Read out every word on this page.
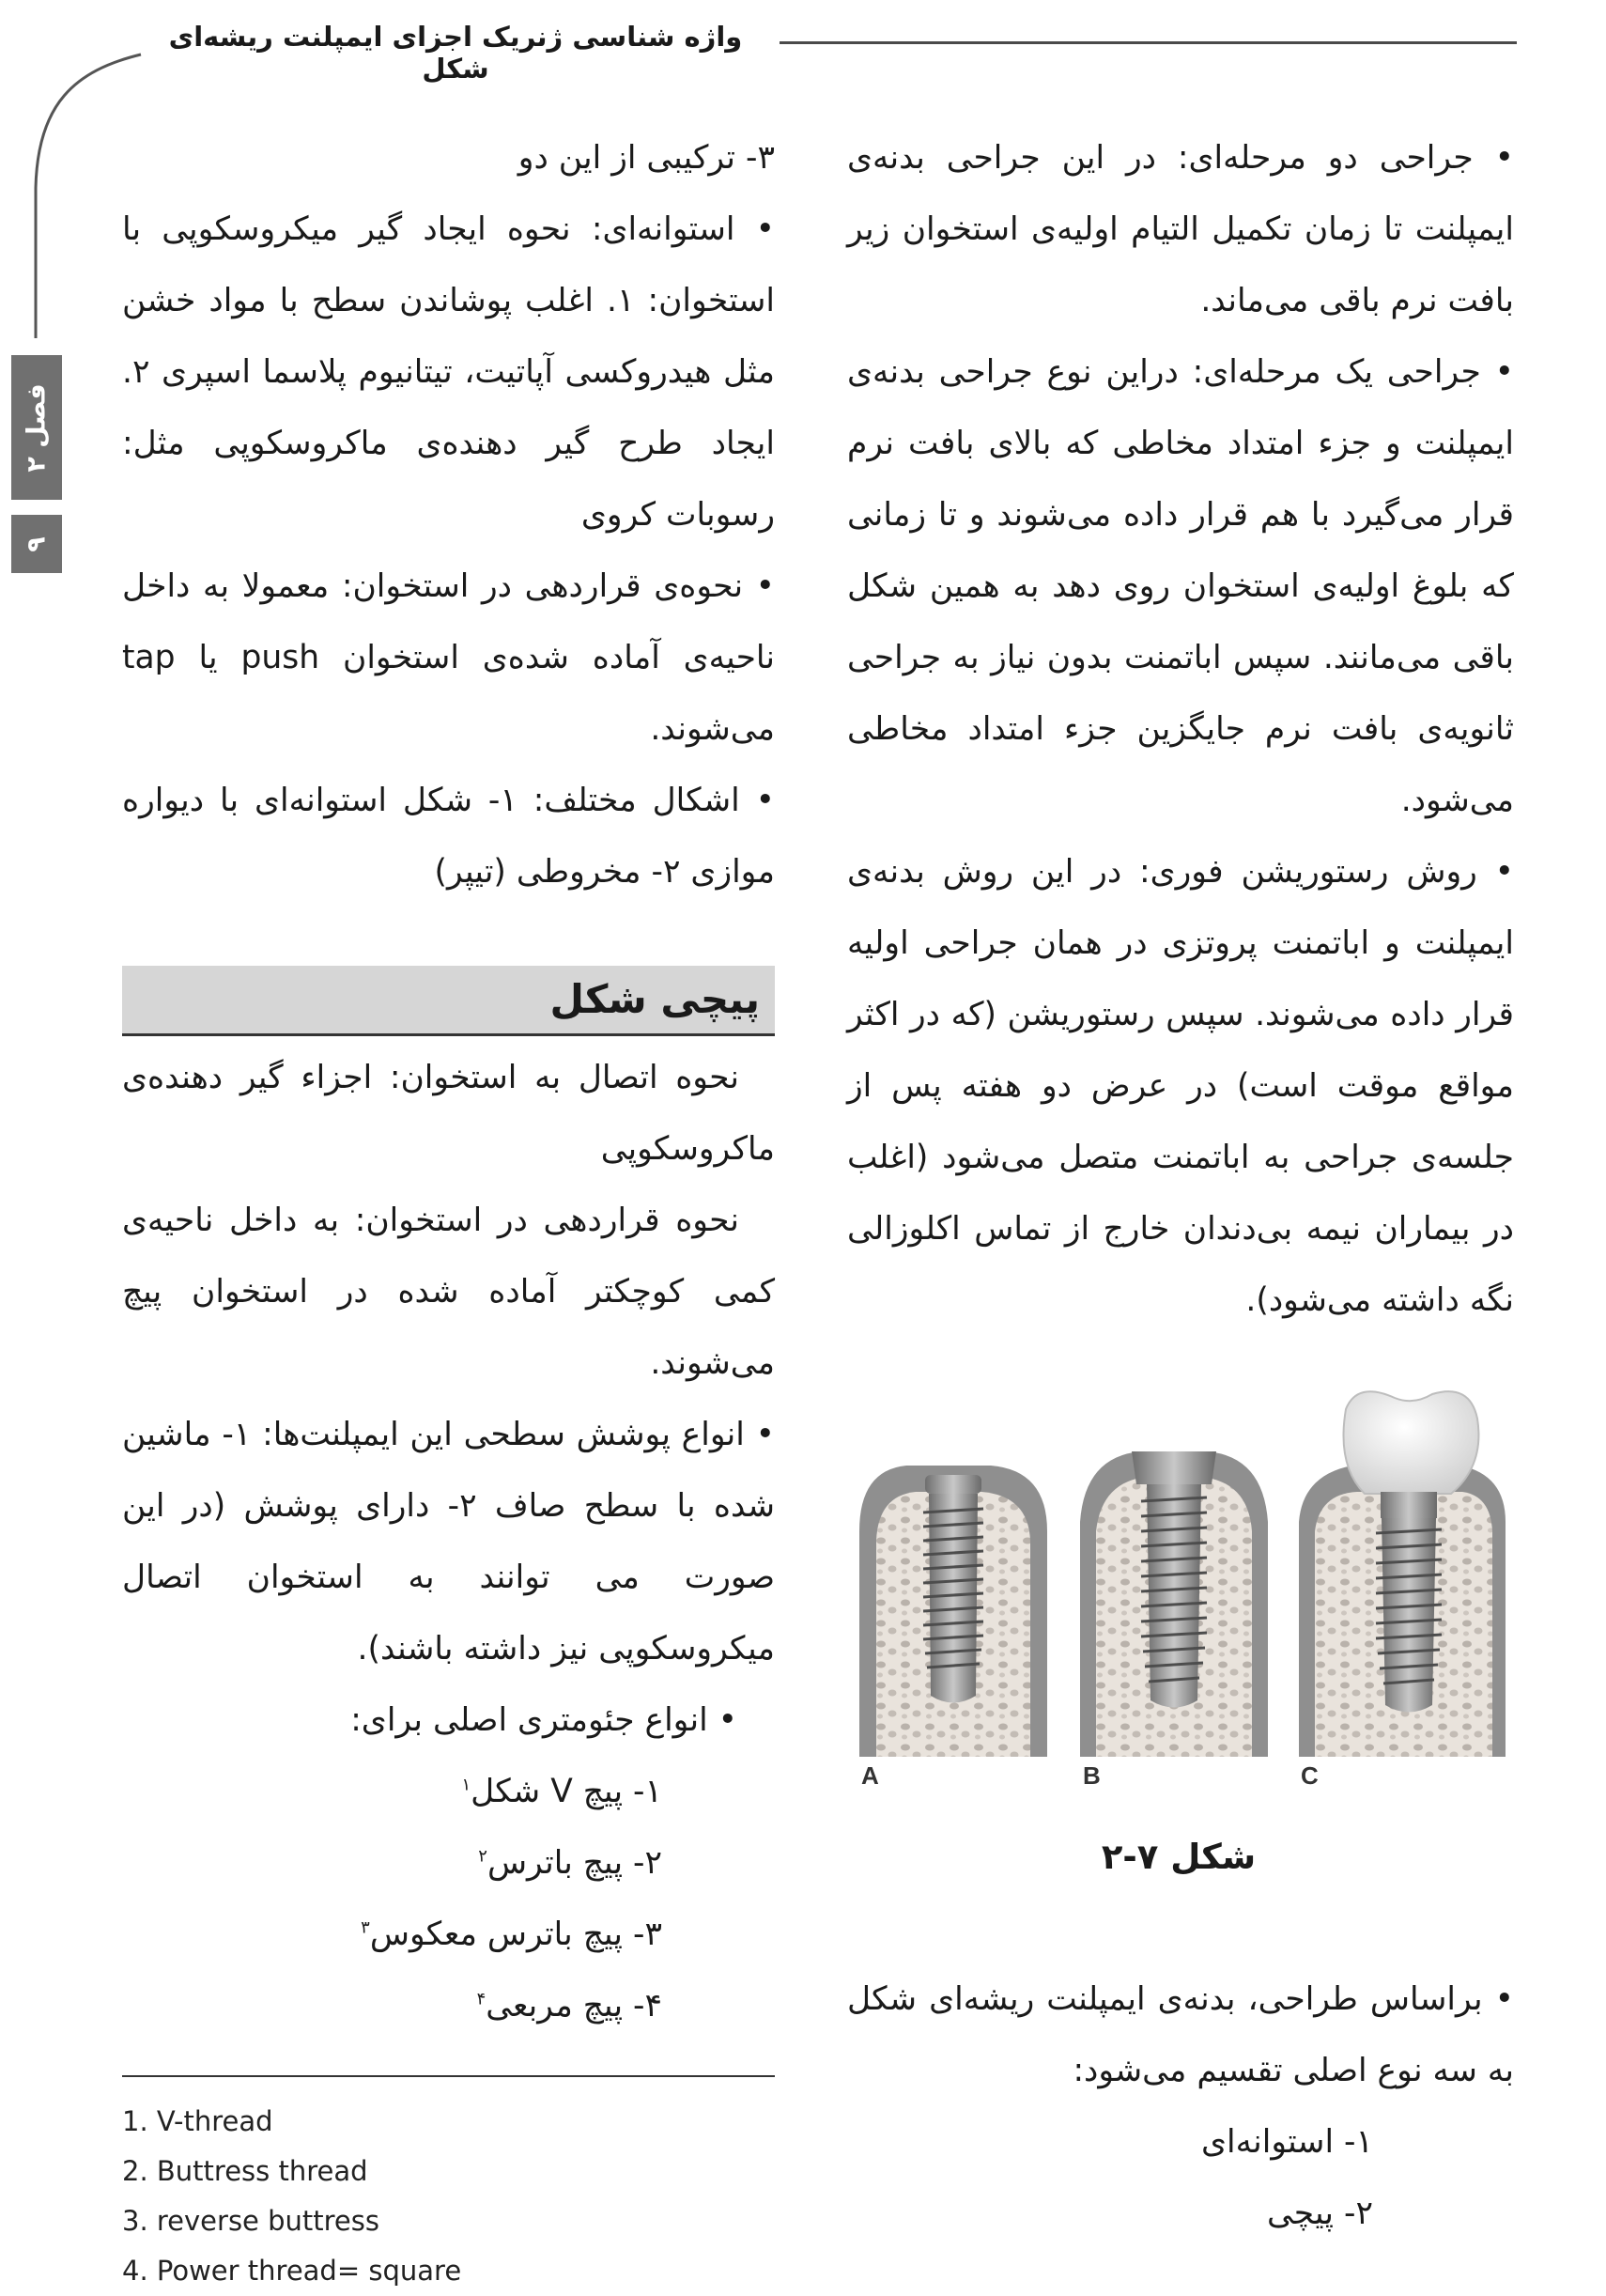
واژه شناسی ژنریک اجزای ایمپلنت ریشه‌ای شکل
فصل ۲
۹

• جراحی دو مرحله‌ای: در این جراحی بدنه‌ی ایمپلنت تا زمان تکمیل التیام اولیه‌ی استخوان زیر بافت نرم باقی می‌ماند.

• جراحی یک مرحله‌ای: دراین نوع جراحی بدنه‌ی ایمپلنت و جزء امتداد مخاطی که بالای بافت نرم قرار می‌گیرد با هم قرار داده می‌شوند و تا زمانی که بلوغ اولیه‌ی استخوان روی دهد به همین شکل باقی می‌مانند. سپس اباتمنت بدون نیاز به جراحی ثانویه‌ی بافت نرم جایگزین جزء امتداد مخاطی می‌شود.

• روش رستوریشن فوری: در این روش بدنه‌ی ایمپلنت و اباتمنت پروتزی در همان جراحی اولیه قرار داده می‌شوند. سپس رستوریشن (که در اکثر مواقع موقت است) در عرض دو هفته پس از جلسه‌ی جراحی به اباتمنت متصل می‌شود (اغلب در بیماران نیمه بی‌دندان خارج از تماس اکلوزالی نگه داشته می‌شود).

A	B	C
شکل ۷-۲

• براساس طراحی، بدنه‌ی ایمپلنت ریشه‌ای شکل به سه نوع اصلی تقسیم می‌شود:

۱- استوانه‌ای

۲- پیچی

۳- ترکیبی از این دو

• استوانه‌ای: نحوه ایجاد گیر میکروسکوپی با استخوان: ۱. اغلب پوشاندن سطح با مواد خشن مثل هیدروکسی آپاتیت، تیتانیوم پلاسما اسپری ۲. ایجاد طرح گیر دهنده‌ی ماکروسکوپی مثل: رسوبات کروی

• نحوه‌ی قراردهی در استخوان: معمولا به داخل ناحیه‌ی آماده شده‌ی استخوان push یا tap می‌شوند.

• اشکال مختلف: ۱- شکل استوانه‌ای با دیواره موازی ۲- مخروطی (تیپر)

پیچی شکل

نحوه اتصال به استخوان: اجزاء گیر دهنده‌ی ماکروسکوپی

نحوه قراردهی در استخوان: به داخل ناحیه‌ی کمی کوچکتر آماده شده در استخوان پیچ می‌شوند.

• انواع پوشش سطحی این ایمپلنت‌ها: ۱- ماشین شده با سطح صاف ۲- دارای پوشش (در این صورت می توانند به استخوان اتصال میکروسکوپی نیز داشته باشند).

• انواع جئومتری اصلی برای:

۱- پیچ V شکل$^۱$

۲- پیچ باترس$^۲$

۳- پیچ باترس معکوس$^۳$

۴- پیچ مربعی$^۴$

1. V-thread
2. Buttress thread
3. reverse buttress
4. Power thread= square
